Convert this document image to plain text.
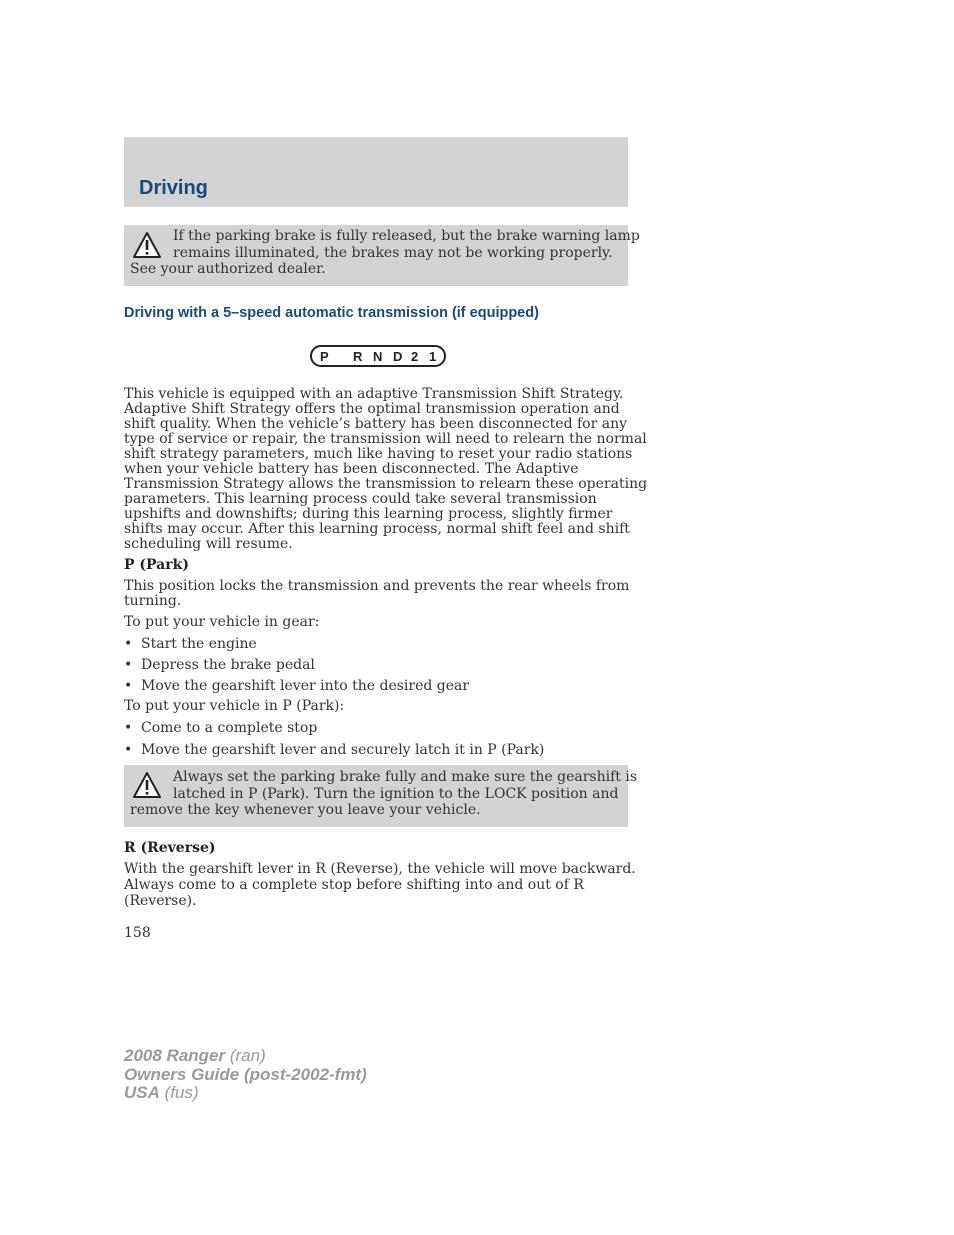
Driving
If the parking brake is fully released, but the brake warning lamp
remains illuminated, the brakes may not be working properly.
See your authorized dealer.
Driving with a 5–speed automatic transmission (if equipped)
P R N D 2 1
This vehicle is equipped with an adaptive Transmission Shift Strategy.
Adaptive Shift Strategy offers the optimal transmission operation and
shift quality. When the vehicle’s battery has been disconnected for any
type of service or repair, the transmission will need to relearn the normal
shift strategy parameters, much like having to reset your radio stations
when your vehicle battery has been disconnected. The Adaptive
Transmission Strategy allows the transmission to relearn these operating
parameters. This learning process could take several transmission
upshifts and downshifts; during this learning process, slightly firmer
shifts may occur. After this learning process, normal shift feel and shift
scheduling will resume.
P (Park)
This position locks the transmission and prevents the rear wheels from
turning.
To put your vehicle in gear:
• Start the engine
• Depress the brake pedal
• Move the gearshift lever into the desired gear
To put your vehicle in P (Park):
• Come to a complete stop
• Move the gearshift lever and securely latch it in P (Park)
Always set the parking brake fully and make sure the gearshift is
latched in P (Park). Turn the ignition to the LOCK position and
remove the key whenever you leave your vehicle.
R (Reverse)
With the gearshift lever in R (Reverse), the vehicle will move backward.
Always come to a complete stop before shifting into and out of R
(Reverse).
158
2008 Ranger (ran)
Owners Guide (post-2002-fmt)
USA (fus)
